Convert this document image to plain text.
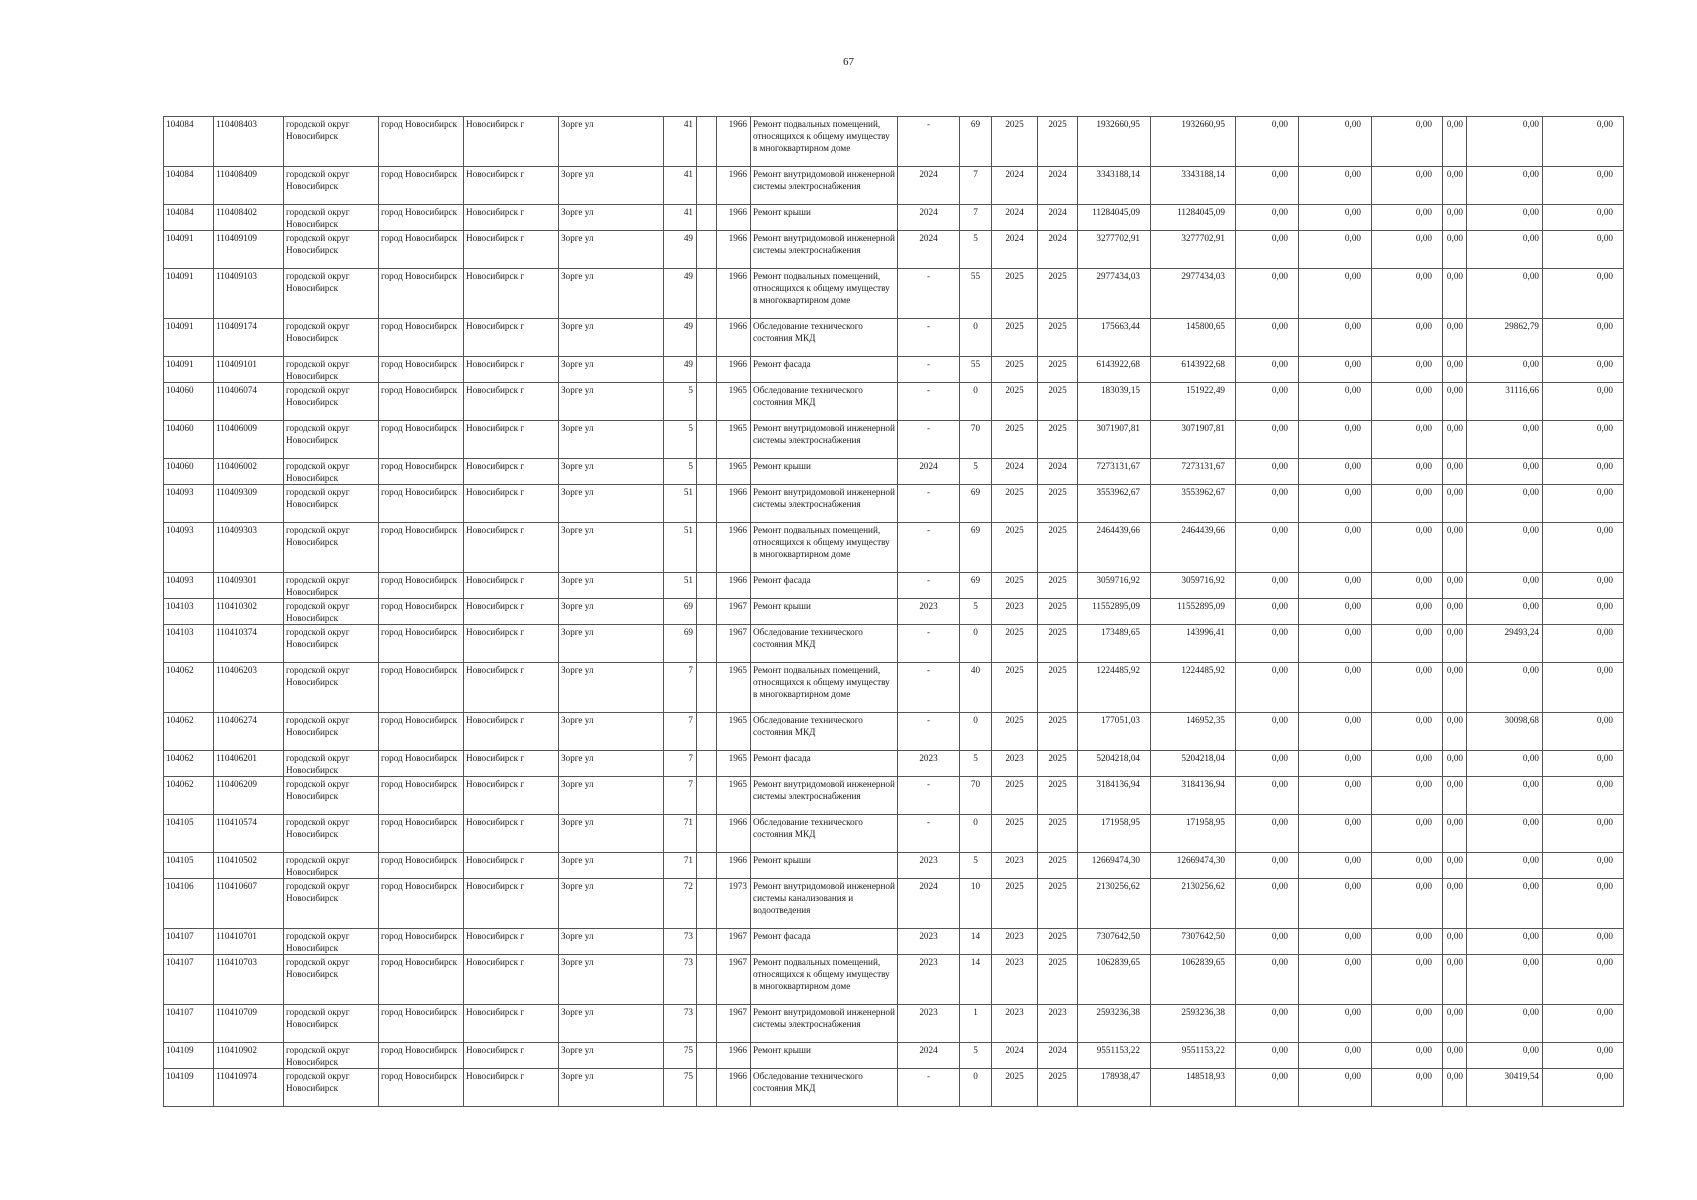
67
104084	110408403	городской округ Новосибирск	город Новосибирск	Новосибирск г	Зорге ул	41		1966	Ремонт подвальных помещений, относящихся к общему имуществу в многоквартирном доме	-	69	2025	2025	1932660,95	1932660,95	0,00	0,00	0,00	0,00	0,00	0,00
104084	110408409	городской округ Новосибирск	город Новосибирск	Новосибирск г	Зорге ул	41		1966	Ремонт внутридомовой инженерной системы электроснабжения	2024	7	2024	2024	3343188,14	3343188,14	0,00	0,00	0,00	0,00	0,00	0,00
104084	110408402	городской округ Новосибирск	город Новосибирск	Новосибирск г	Зорге ул	41		1966	Ремонт крыши	2024	7	2024	2024	11284045,09	11284045,09	0,00	0,00	0,00	0,00	0,00	0,00
104091	110409109	городской округ Новосибирск	город Новосибирск	Новосибирск г	Зорге ул	49		1966	Ремонт внутридомовой инженерной системы электроснабжения	2024	5	2024	2024	3277702,91	3277702,91	0,00	0,00	0,00	0,00	0,00	0,00
104091	110409103	городской округ Новосибирск	город Новосибирск	Новосибирск г	Зорге ул	49		1966	Ремонт подвальных помещений, относящихся к общему имуществу в многоквартирном доме	-	55	2025	2025	2977434,03	2977434,03	0,00	0,00	0,00	0,00	0,00	0,00
104091	110409174	городской округ Новосибирск	город Новосибирск	Новосибирск г	Зорге ул	49		1966	Обследование технического состояния МКД	-	0	2025	2025	175663,44	145800,65	0,00	0,00	0,00	0,00	29862,79	0,00
104091	110409101	городской округ Новосибирск	город Новосибирск	Новосибирск г	Зорге ул	49		1966	Ремонт фасада	-	55	2025	2025	6143922,68	6143922,68	0,00	0,00	0,00	0,00	0,00	0,00
104060	110406074	городской округ Новосибирск	город Новосибирск	Новосибирск г	Зорге ул	5		1965	Обследование технического состояния МКД	-	0	2025	2025	183039,15	151922,49	0,00	0,00	0,00	0,00	31116,66	0,00
104060	110406009	городской округ Новосибирск	город Новосибирск	Новосибирск г	Зорге ул	5		1965	Ремонт внутридомовой инженерной системы электроснабжения	-	70	2025	2025	3071907,81	3071907,81	0,00	0,00	0,00	0,00	0,00	0,00
104060	110406002	городской округ Новосибирск	город Новосибирск	Новосибирск г	Зорге ул	5		1965	Ремонт крыши	2024	5	2024	2024	7273131,67	7273131,67	0,00	0,00	0,00	0,00	0,00	0,00
104093	110409309	городской округ Новосибирск	город Новосибирск	Новосибирск г	Зорге ул	51		1966	Ремонт внутридомовой инженерной системы электроснабжения	-	69	2025	2025	3553962,67	3553962,67	0,00	0,00	0,00	0,00	0,00	0,00
104093	110409303	городской округ Новосибирск	город Новосибирск	Новосибирск г	Зорге ул	51		1966	Ремонт подвальных помещений, относящихся к общему имуществу в многоквартирном доме	-	69	2025	2025	2464439,66	2464439,66	0,00	0,00	0,00	0,00	0,00	0,00
104093	110409301	городской округ Новосибирск	город Новосибирск	Новосибирск г	Зорге ул	51		1966	Ремонт фасада	-	69	2025	2025	3059716,92	3059716,92	0,00	0,00	0,00	0,00	0,00	0,00
104103	110410302	городской округ Новосибирск	город Новосибирск	Новосибирск г	Зорге ул	69		1967	Ремонт крыши	2023	5	2023	2025	11552895,09	11552895,09	0,00	0,00	0,00	0,00	0,00	0,00
104103	110410374	городской округ Новосибирск	город Новосибирск	Новосибирск г	Зорге ул	69		1967	Обследование технического состояния МКД	-	0	2025	2025	173489,65	143996,41	0,00	0,00	0,00	0,00	29493,24	0,00
104062	110406203	городской округ Новосибирск	город Новосибирск	Новосибирск г	Зорге ул	7		1965	Ремонт подвальных помещений, относящихся к общему имуществу в многоквартирном доме	-	40	2025	2025	1224485,92	1224485,92	0,00	0,00	0,00	0,00	0,00	0,00
104062	110406274	городской округ Новосибирск	город Новосибирск	Новосибирск г	Зорге ул	7		1965	Обследование технического состояния МКД	-	0	2025	2025	177051,03	146952,35	0,00	0,00	0,00	0,00	30098,68	0,00
104062	110406201	городской округ Новосибирск	город Новосибирск	Новосибирск г	Зорге ул	7		1965	Ремонт фасада	2023	5	2023	2025	5204218,04	5204218,04	0,00	0,00	0,00	0,00	0,00	0,00
104062	110406209	городской округ Новосибирск	город Новосибирск	Новосибирск г	Зорге ул	7		1965	Ремонт внутридомовой инженерной системы электроснабжения	-	70	2025	2025	3184136,94	3184136,94	0,00	0,00	0,00	0,00	0,00	0,00
104105	110410574	городской округ Новосибирск	город Новосибирск	Новосибирск г	Зорге ул	71		1966	Обследование технического состояния МКД	-	0	2025	2025	171958,95	171958,95	0,00	0,00	0,00	0,00	0,00	0,00
104105	110410502	городской округ Новосибирск	город Новосибирск	Новосибирск г	Зорге ул	71		1966	Ремонт крыши	2023	5	2023	2025	12669474,30	12669474,30	0,00	0,00	0,00	0,00	0,00	0,00
104106	110410607	городской округ Новосибирск	город Новосибирск	Новосибирск г	Зорге ул	72		1973	Ремонт внутридомовой инженерной системы канализования и водоотведения	2024	10	2025	2025	2130256,62	2130256,62	0,00	0,00	0,00	0,00	0,00	0,00
104107	110410701	городской округ Новосибирск	город Новосибирск	Новосибирск г	Зорге ул	73		1967	Ремонт фасада	2023	14	2023	2025	7307642,50	7307642,50	0,00	0,00	0,00	0,00	0,00	0,00
104107	110410703	городской округ Новосибирск	город Новосибирск	Новосибирск г	Зорге ул	73		1967	Ремонт подвальных помещений, относящихся к общему имуществу в многоквартирном доме	2023	14	2023	2025	1062839,65	1062839,65	0,00	0,00	0,00	0,00	0,00	0,00
104107	110410709	городской округ Новосибирск	город Новосибирск	Новосибирск г	Зорге ул	73		1967	Ремонт внутридомовой инженерной системы электроснабжения	2023	1	2023	2023	2593236,38	2593236,38	0,00	0,00	0,00	0,00	0,00	0,00
104109	110410902	городской округ Новосибирск	город Новосибирск	Новосибирск г	Зорге ул	75		1966	Ремонт крыши	2024	5	2024	2024	9551153,22	9551153,22	0,00	0,00	0,00	0,00	0,00	0,00
104109	110410974	городской округ Новосибирск	город Новосибирск	Новосибирск г	Зорге ул	75		1966	Обследование технического состояния МКД	-	0	2025	2025	178938,47	148518,93	0,00	0,00	0,00	0,00	30419,54	0,00
